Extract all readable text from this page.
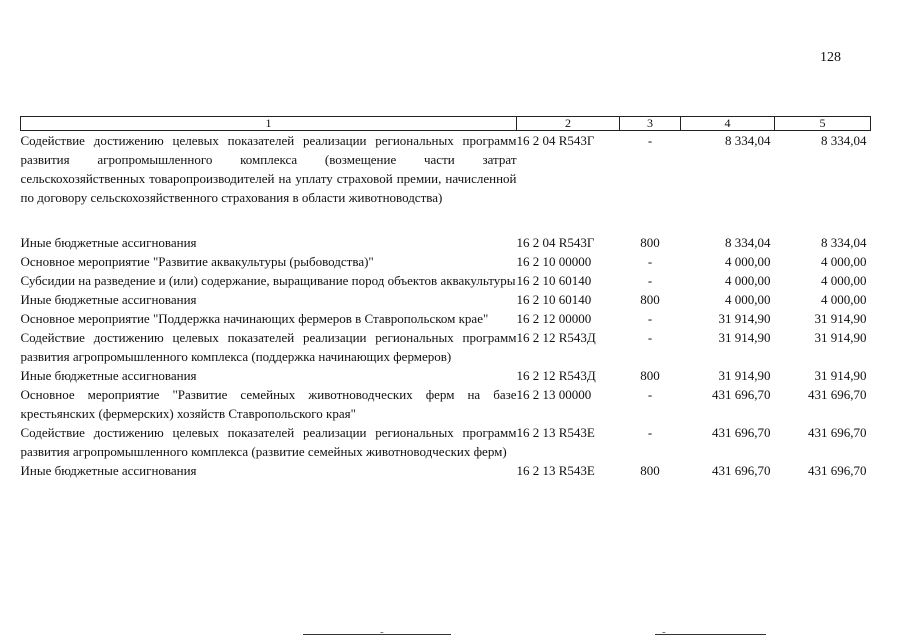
128
1	2	3	4	5
Содействие достижению целевых показателей реализации региональных программ развития агропромышленного комплекса (возмещение части затрат сельскохозяйственных товаропроизводителей на уплату страховой премии, начисленной по договору сельскохозяйственного страхования в области животноводства)	16 2 04 R543Г	-	8 334,04	8 334,04
Иные бюджетные ассигнования	16 2 04 R543Г	800	8 334,04	8 334,04
Основное мероприятие "Развитие аквакультуры (рыбоводства)"	16 2 10 00000	-	4 000,00	4 000,00
Субсидии на разведение и (или) содержание, выращивание пород объектов аквакультуры	16 2 10 60140	-	4 000,00	4 000,00
Иные бюджетные ассигнования	16 2 10 60140	800	4 000,00	4 000,00
Основное мероприятие "Поддержка начинающих фермеров в Ставропольском крае"	16 2 12 00000	-	31 914,90	31 914,90
Содействие достижению целевых показателей реализации региональных программ развития агропромышленного комплекса (поддержка начинающих фермеров)	16 2 12 R543Д	-	31 914,90	31 914,90
Иные бюджетные ассигнования	16 2 12 R543Д	800	31 914,90	31 914,90
Основное мероприятие "Развитие семейных животноводческих ферм на базе крестьянских (фермерских) хозяйств Ставропольского края"	16 2 13 00000	-	431 696,70	431 696,70
Содействие достижению целевых показателей реализации региональных программ развития агропромышленного комплекса (развитие семейных животноводческих ферм)	16 2 13 R543Е	-	431 696,70	431 696,70
Иные бюджетные ассигнования	16 2 13 R543Е	800	431 696,70	431 696,70
-	-
